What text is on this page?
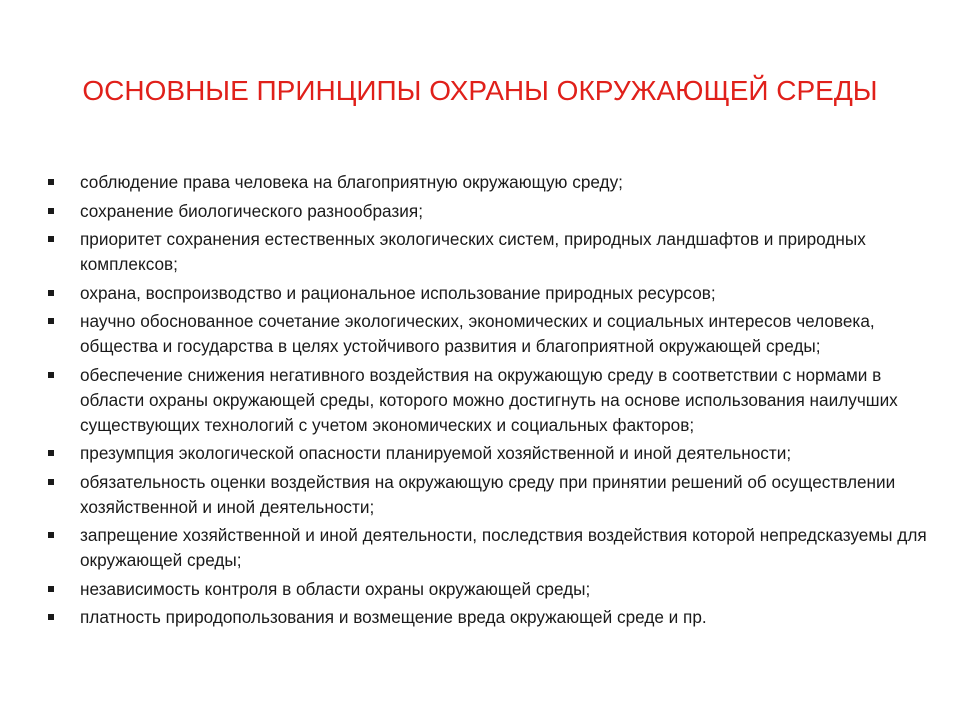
ОСНОВНЫЕ ПРИНЦИПЫ ОХРАНЫ ОКРУЖАЮЩЕЙ СРЕДЫ
соблюдение права человека на благоприятную окружающую среду;
сохранение биологического разнообразия;
приоритет сохранения естественных экологических систем, природных ландшафтов и природных комплексов;
охрана, воспроизводство и рациональное использование природных ресурсов;
научно обоснованное сочетание экологических, экономических и социальных интересов человека, общества и государства в целях устойчивого развития и благоприятной окружающей среды;
обеспечение снижения негативного воздействия на окружающую среду в соответствии с нормами в области охраны окружающей среды, которого можно достигнуть на основе использования наилучших существующих технологий с учетом экономических и социальных факторов;
презумпция экологической опасности планируемой хозяйственной и иной деятельности;
обязательность оценки воздействия на окружающую среду при принятии решений об осуществлении хозяйственной и иной деятельности;
запрещение хозяйственной и иной деятельности, последствия воздействия которой непредсказуемы для окружающей среды;
независимость контроля в области охраны окружающей среды;
платность природопользования и возмещение вреда окружающей среде и пр.
